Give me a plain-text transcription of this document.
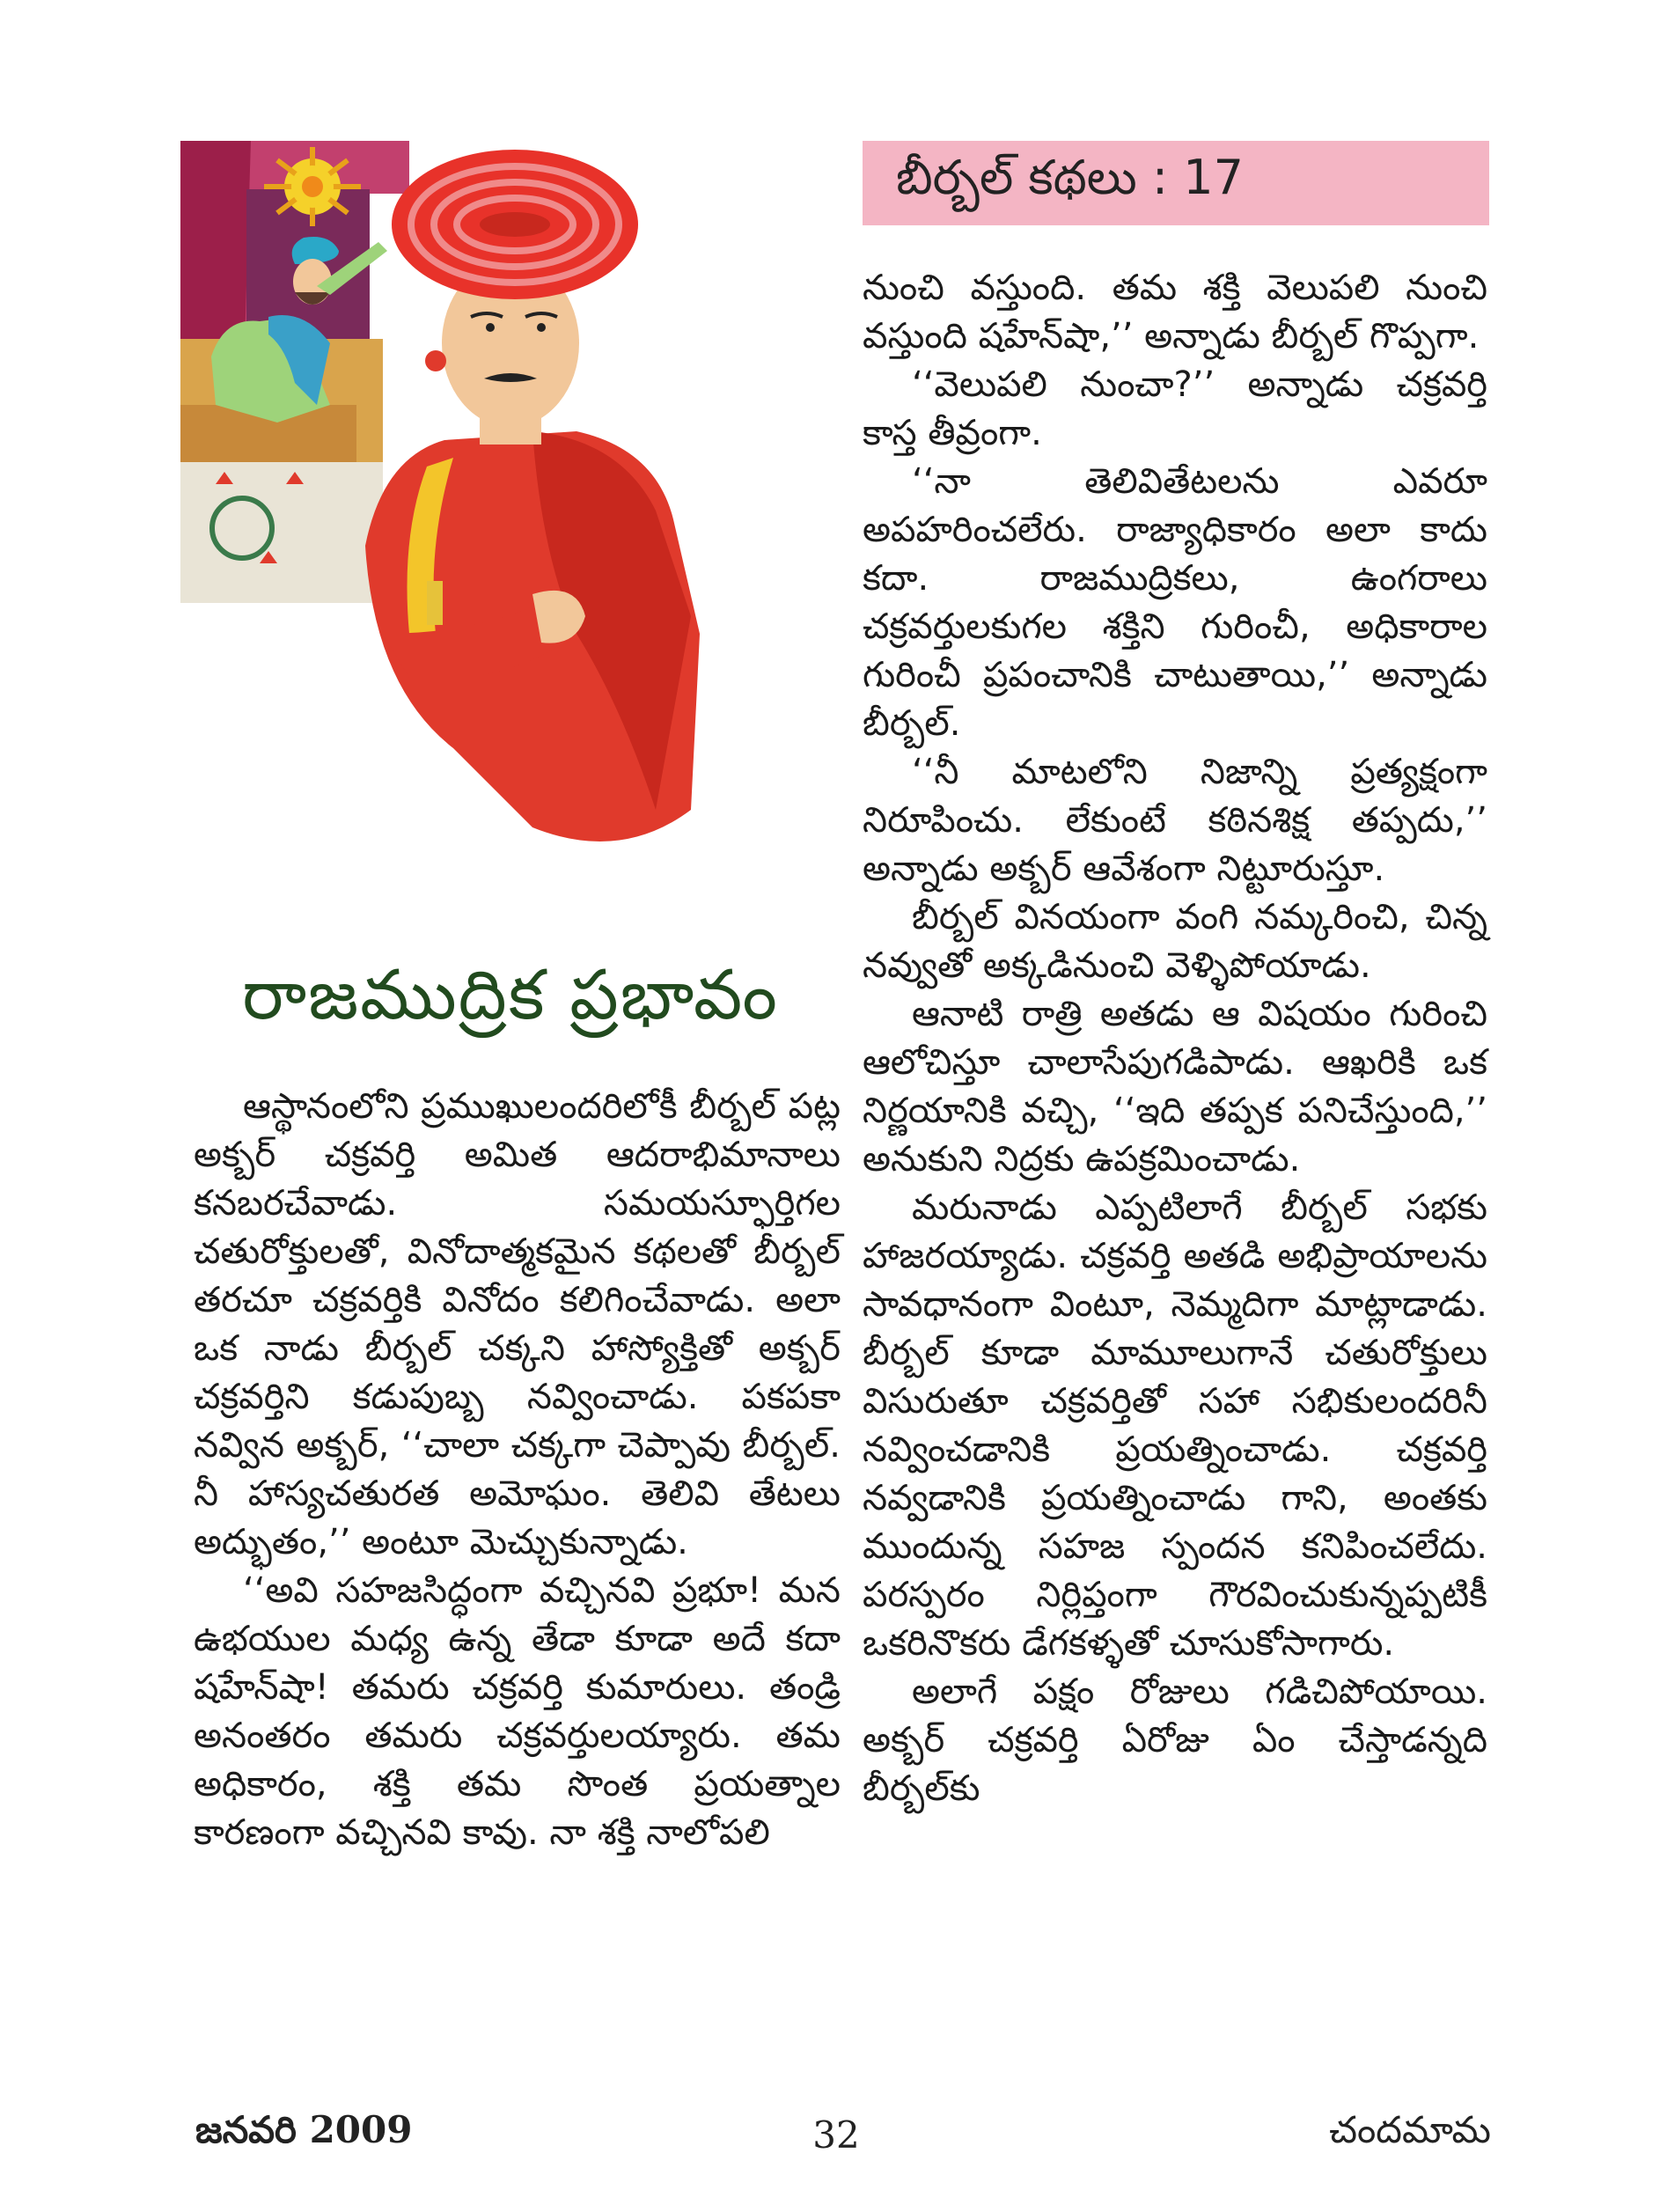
బీర్బల్ కథలు : 17
రాజముద్రిక ప్రభావం

ఆస్థానంలోని ప్రముఖులందరిలోకీ బీర్బల్ పట్ల అక్బర్ చక్రవర్తి అమిత ఆదరాభిమానాలు కనబరచేవాడు. సమయస్ఫూర్తిగల చతురోక్తులతో, వినోదాత్మకమైన కథలతో బీర్బల్ తరచూ చక్రవర్తికి వినోదం కలిగించేవాడు. అలా ఒక నాడు బీర్బల్ చక్కని హాస్యోక్తితో అక్బర్ చక్రవర్తిని కడుపుబ్బ నవ్వించాడు. పకపకా నవ్విన అక్బర్, ‘‘చాలా చక్కగా చెప్పావు బీర్బల్. నీ హాస్యచతురత అమోఘం. తెలివి తేటలు అద్భుతం,’’ అంటూ మెచ్చుకున్నాడు.

‘‘అవి సహజసిద్ధంగా వచ్చినవి ప్రభూ! మన ఉభయుల మధ్య ఉన్న తేడా కూడా అదే కదా షహేన్‌షా! తమరు చక్రవర్తి కుమారులు. తండ్రి అనంతరం తమరు చక్రవర్తులయ్యారు. తమ అధికారం, శక్తి తమ సొంత ప్రయత్నాల కారణంగా వచ్చినవి కావు. నా శక్తి నాలోపలి

నుంచి వస్తుంది. తమ శక్తి వెలుపలి నుంచి వస్తుంది షహేన్‌షా,’’ అన్నాడు బీర్బల్ గొప్పగా.

‘‘వెలుపలి నుంచా?’’ అన్నాడు చక్రవర్తి కాస్త తీవ్రంగా.

‘‘నా తెలివితేటలను ఎవరూ అపహరించలేరు. రాజ్యాధికారం అలా కాదు కదా. రాజముద్రికలు, ఉంగరాలు చక్రవర్తులకుగల శక్తిని గురించీ, అధికారాల గురించీ ప్రపంచానికి చాటుతాయి,’’ అన్నాడు బీర్బల్.

‘‘నీ మాటలోని నిజాన్ని ప్రత్యక్షంగా నిరూపించు. లేకుంటే కఠినశిక్ష తప్పదు,’’ అన్నాడు అక్బర్ ఆవేశంగా నిట్టూరుస్తూ.

బీర్బల్ వినయంగా వంగి నమ్కరించి, చిన్న నవ్వుతో అక్కడినుంచి వెళ్ళిపోయాడు.

ఆనాటి రాత్రి అతడు ఆ విషయం గురించి ఆలోచిస్తూ చాలాసేపుగడిపాడు. ఆఖరికి ఒక నిర్ణయానికి వచ్చి, ‘‘ఇది తప్పక పనిచేస్తుంది,’’ అనుకుని నిద్రకు ఉపక్రమించాడు.

మరునాడు ఎప్పటిలాగే బీర్బల్ సభకు హాజరయ్యాడు. చక్రవర్తి అతడి అభిప్రాయాలను సావధానంగా వింటూ, నెమ్మదిగా మాట్లాడాడు. బీర్బల్ కూడా మామూలుగానే చతురోక్తులు విసురుతూ చక్రవర్తితో సహా సభికులందరినీ నవ్వించడానికి ప్రయత్నించాడు. చక్రవర్తి నవ్వడానికి ప్రయత్నించాడు గాని, అంతకు ముందున్న సహజ స్పందన కనిపించలేదు. పరస్పరం నిర్లిప్తంగా గౌరవించుకున్నప్పటికీ ఒకరినొకరు డేగకళ్ళతో చూసుకోసాగారు.

అలాగే పక్షం రోజులు గడిచిపోయాయి. అక్బర్ చక్రవర్తి ఏరోజు ఏం చేస్తాడన్నది బీర్బల్‌కు

జనవరి 2009	32	చందమామ
